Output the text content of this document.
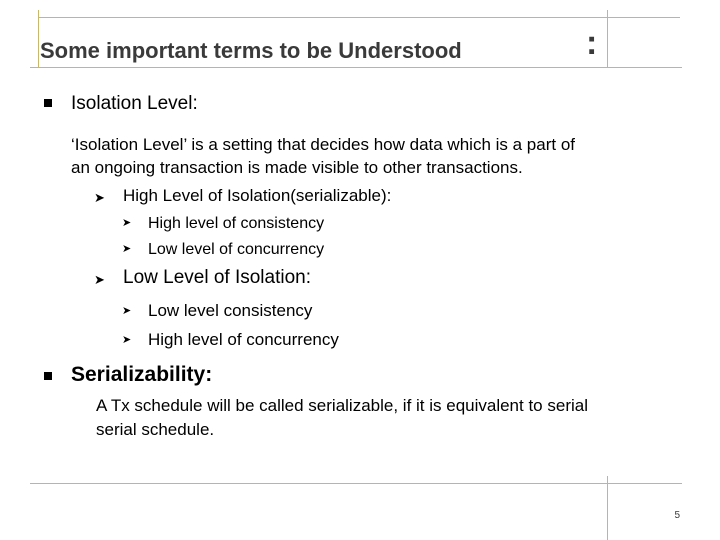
Some important terms to be Understood	:
Isolation Level:
‘Isolation Level’ is a setting that decides how data which is a part of
an ongoing transaction is made visible to other transactions.
➤ High Level of Isolation(serializable):
➤ High level of consistency
➤ Low level of concurrency
➤ Low Level of Isolation:
➤ Low level consistency
➤ High level of concurrency
Serializability:
A Tx schedule will be called serializable, if it is equivalent to serial
serial schedule.
5
